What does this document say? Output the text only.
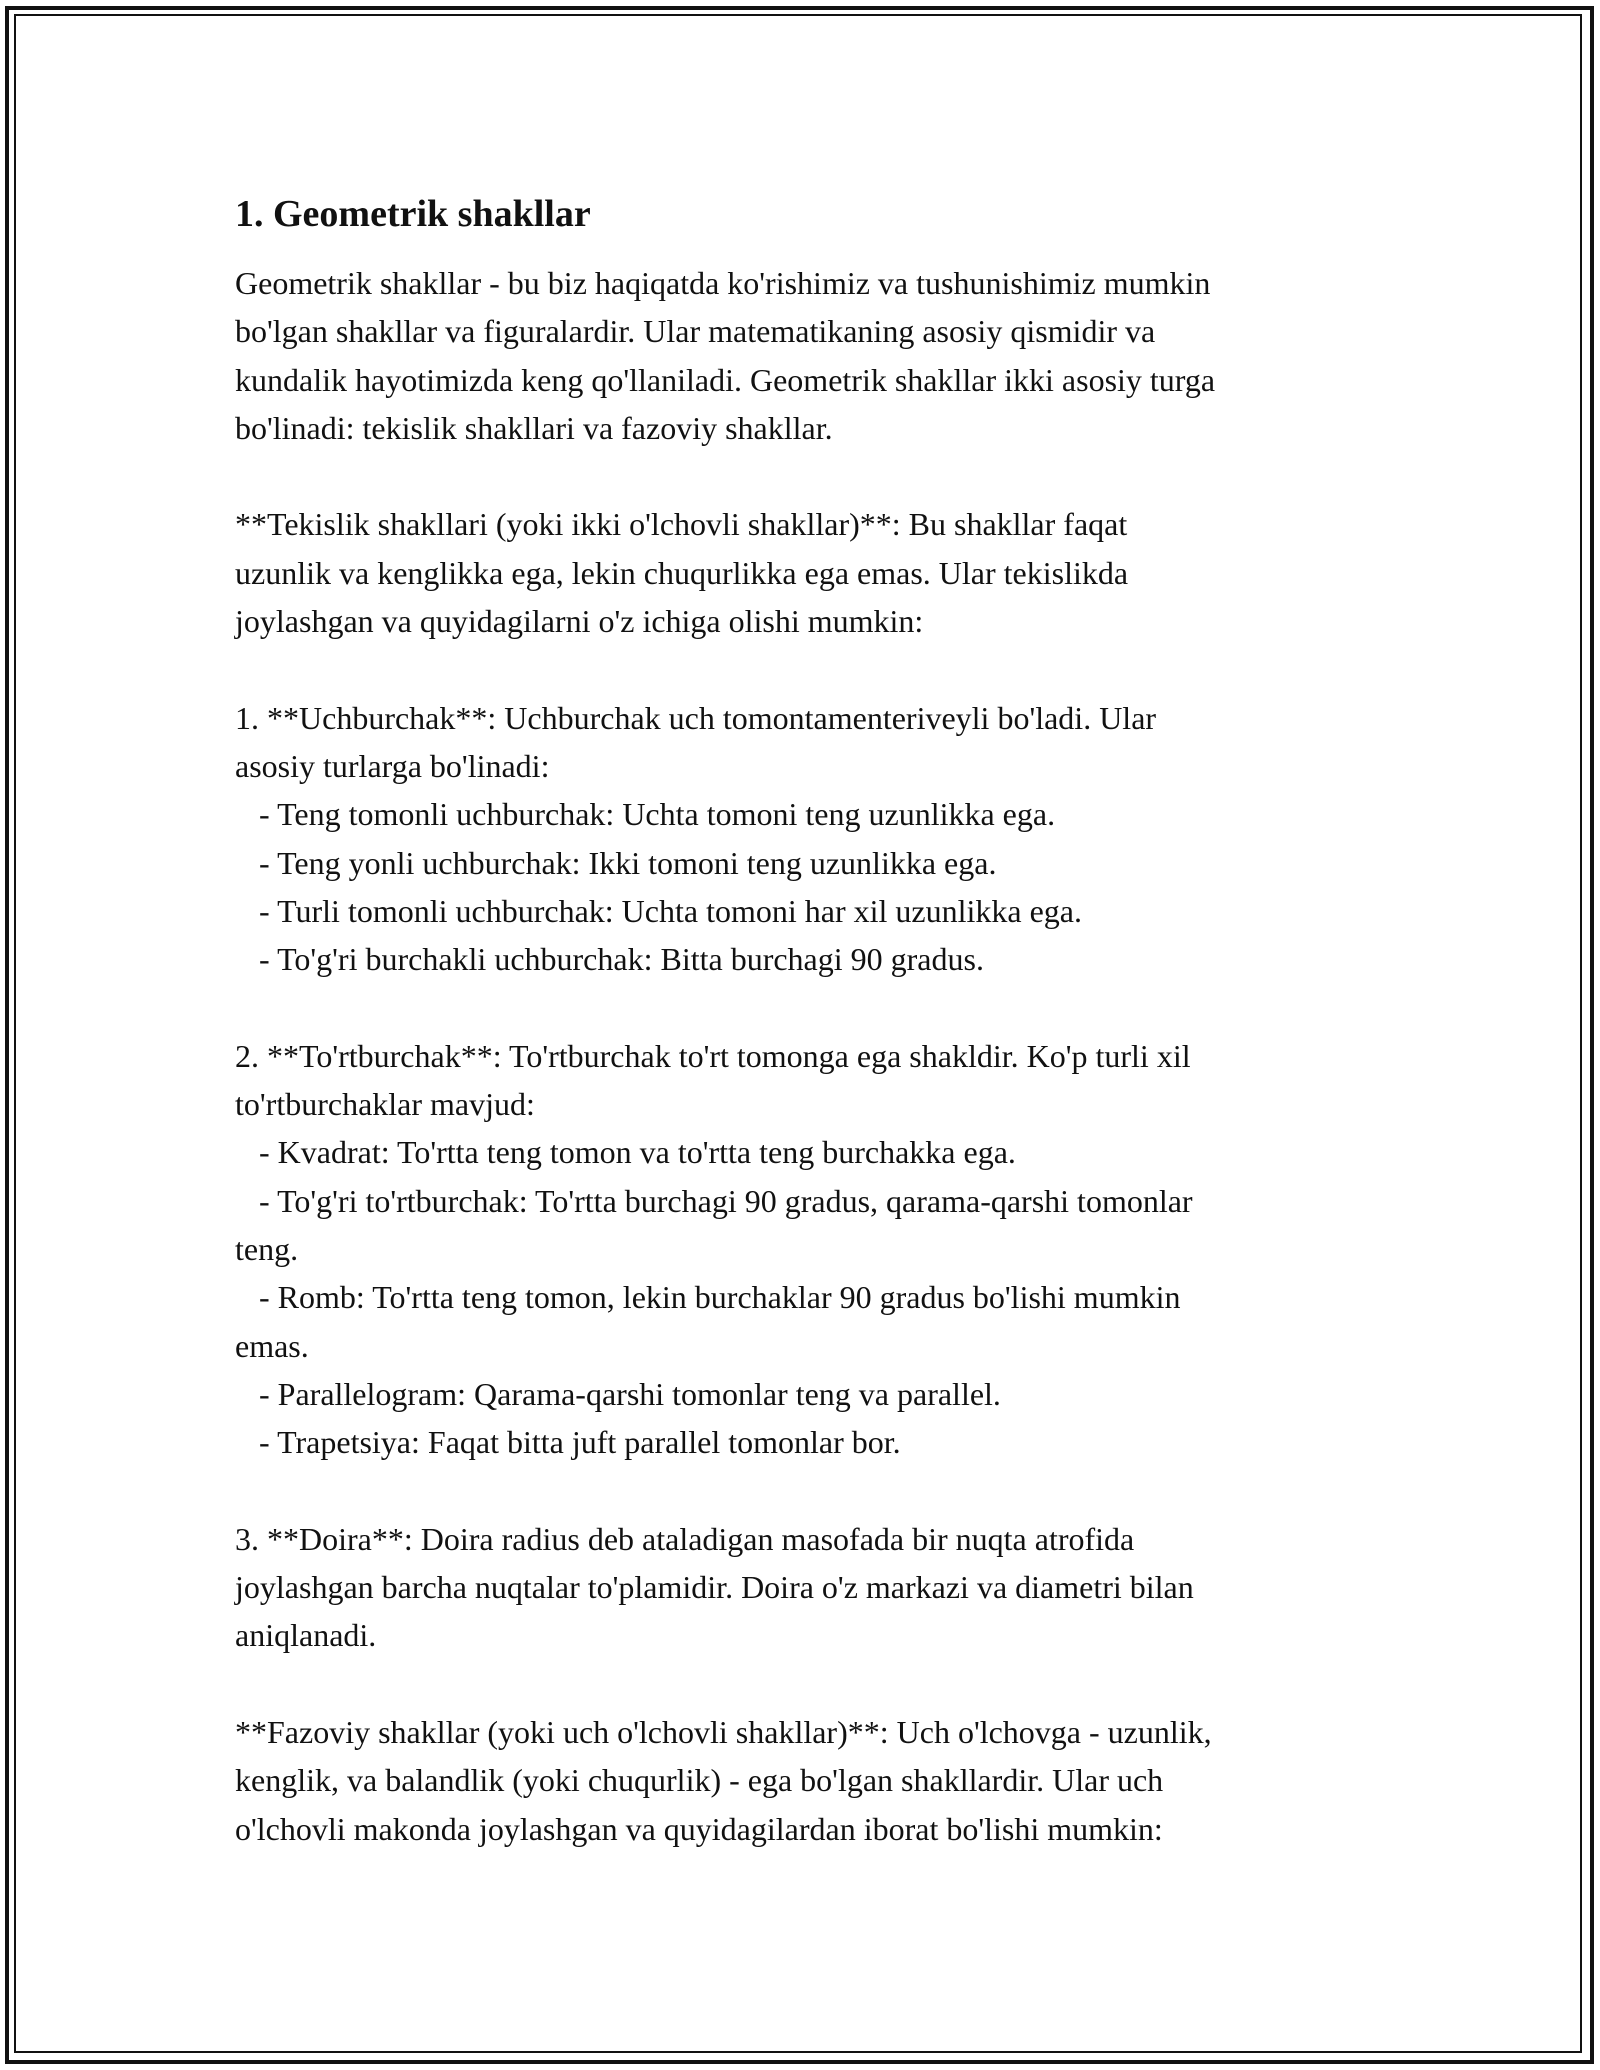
1. Geometrik shakllar

Geometrik shakllar - bu biz haqiqatda ko'rishimiz va tushunishimiz mumkin

bo'lgan shakllar va figuralardir. Ular matematikaning asosiy qismidir va

kundalik hayotimizda keng qo'llaniladi. Geometrik shakllar ikki asosiy turga

bo'linadi: tekislik shakllari va fazoviy shakllar.

**Tekislik shakllari (yoki ikki o'lchovli shakllar)**: Bu shakllar faqat

uzunlik va kenglikka ega, lekin chuqurlikka ega emas. Ular tekislikda

joylashgan va quyidagilarni o'z ichiga olishi mumkin:

1. **Uchburchak**: Uchburchak uch tomontamenteriveyli bo'ladi. Ular

asosiy turlarga bo'linadi:

- Teng tomonli uchburchak: Uchta tomoni teng uzunlikka ega.

- Teng yonli uchburchak: Ikki tomoni teng uzunlikka ega.

- Turli tomonli uchburchak: Uchta tomoni har xil uzunlikka ega.

- To'g'ri burchakli uchburchak: Bitta burchagi 90 gradus.

2. **To'rtburchak**: To'rtburchak to'rt tomonga ega shakldir. Ko'p turli xil

to'rtburchaklar mavjud:

- Kvadrat: To'rtta teng tomon va to'rtta teng burchakka ega.

- To'g'ri to'rtburchak: To'rtta burchagi 90 gradus, qarama-qarshi tomonlar

teng.

- Romb: To'rtta teng tomon, lekin burchaklar 90 gradus bo'lishi mumkin

emas.

- Parallelogram: Qarama-qarshi tomonlar teng va parallel.

- Trapetsiya: Faqat bitta juft parallel tomonlar bor.

3. **Doira**: Doira radius deb ataladigan masofada bir nuqta atrofida

joylashgan barcha nuqtalar to'plamidir. Doira o'z markazi va diametri bilan

aniqlanadi.

**Fazoviy shakllar (yoki uch o'lchovli shakllar)**: Uch o'lchovga - uzunlik,

kenglik, va balandlik (yoki chuqurlik) - ega bo'lgan shakllardir. Ular uch

o'lchovli makonda joylashgan va quyidagilardan iborat bo'lishi mumkin:
